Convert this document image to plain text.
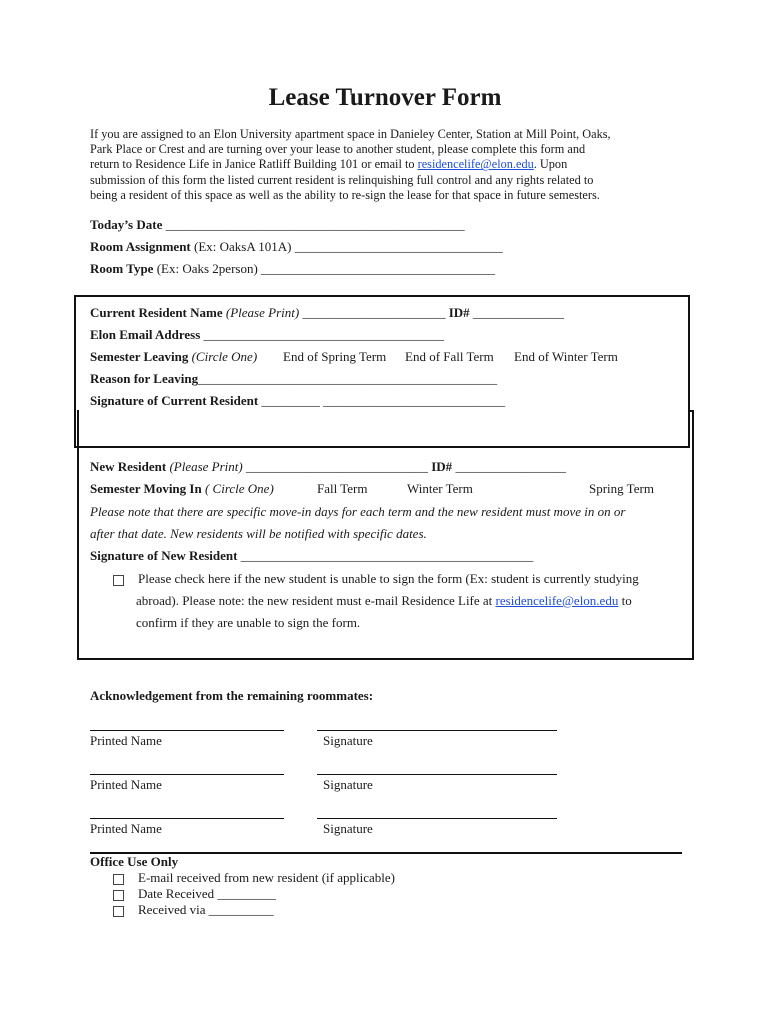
Lease Turnover Form
If you are assigned to an Elon University apartment space in Danieley Center, Station at Mill Point, Oaks,
Park Place or Crest and are turning over your lease to another student, please complete this form and
return to Residence Life in Janice Ratliff Building 101 or email to residencelife@elon.edu. Upon
submission of this form the listed current resident is relinquishing full control and any rights related to
being a resident of this space as well as the ability to re-sign the lease for that space in future semesters.
Today’s Date ______________________________________________
Room Assignment (Ex: OaksA 101A) ________________________________
Room Type (Ex: Oaks 2person) ____________________________________
Current Resident Name (Please Print) ______________________ ID# ______________
Elon Email Address _____________________________________
Semester Leaving (Circle One) End of Spring Term End of Fall Term End of Winter Term
Reason for Leaving______________________________________________
Signature of Current Resident _________ ____________________________
New Resident (Please Print) ____________________________ ID# _________________
Semester Moving In ( Circle One)	Fall Term	Winter Term	Spring Term
Please note that there are specific move-in days for each term and the new resident must move in on or
after that date. New residents will be notified with specific dates.
Signature of New Resident _____________________________________________
Please check here if the new student is unable to sign the form (Ex: student is currently studying
abroad). Please note: the new resident must e-mail Residence Life at residencelife@elon.edu to
confirm if they are unable to sign the form.
Acknowledgement from the remaining roommates:
Printed Name	Signature
Printed Name	Signature
Printed Name	Signature
Office Use Only
E-mail received from new resident (if applicable)
Date Received _________
Received via __________
